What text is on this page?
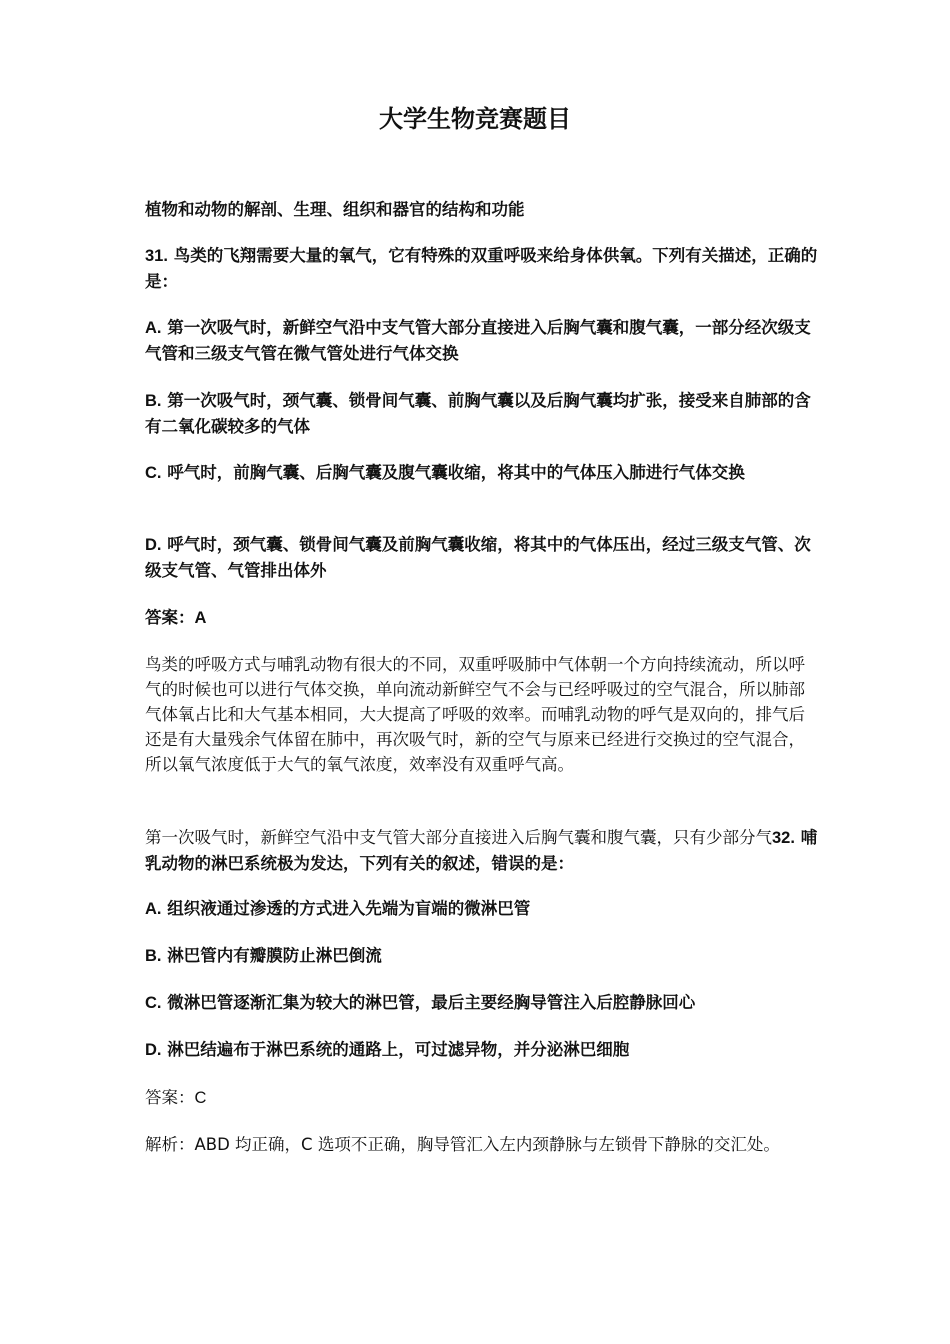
大学生物竞赛题目

植物和动物的解剖、生理、组织和器官的结构和功能

31. 鸟类的飞翔需要大量的氧气，它有特殊的双重呼吸来给身体供氧。下列有关描述，正确的是：

A. 第一次吸气时，新鲜空气沿中支气管大部分直接进入后胸气囊和腹气囊，一部分经次级支气管和三级支气管在微气管处进行气体交换

B. 第一次吸气时，颈气囊、锁骨间气囊、前胸气囊以及后胸气囊均扩张，接受来自肺部的含有二氧化碳较多的气体

C. 呼气时，前胸气囊、后胸气囊及腹气囊收缩，将其中的气体压入肺进行气体交换

D. 呼气时，颈气囊、锁骨间气囊及前胸气囊收缩，将其中的气体压出，经过三级支气管、次级支气管、气管排出体外

答案：A

鸟类的呼吸方式与哺乳动物有很大的不同，双重呼吸肺中气体朝一个方向持续流动，所以呼气的时候也可以进行气体交换，单向流动新鲜空气不会与已经呼吸过的空气混合，所以肺部气体氧占比和大气基本相同，大大提高了呼吸的效率。而哺乳动物的呼气是双向的，排气后还是有大量残余气体留在肺中，再次吸气时，新的空气与原来已经进行交换过的空气混合，所以氧气浓度低于大气的氧气浓度，效率没有双重呼气高。

第一次吸气时，新鲜空气沿中支气管大部分直接进入后胸气囊和腹气囊，只有少部分气32. 哺乳动物的淋巴系统极为发达，下列有关的叙述，错误的是：

A. 组织液通过渗透的方式进入先端为盲端的微淋巴管

B. 淋巴管内有瓣膜防止淋巴倒流

C. 微淋巴管逐渐汇集为较大的淋巴管，最后主要经胸导管注入后腔静脉回心

D. 淋巴结遍布于淋巴系统的通路上，可过滤异物，并分泌淋巴细胞

答案：C

解析：ABD 均正确，C 选项不正确，胸导管汇入左内颈静脉与左锁骨下静脉的交汇处。
